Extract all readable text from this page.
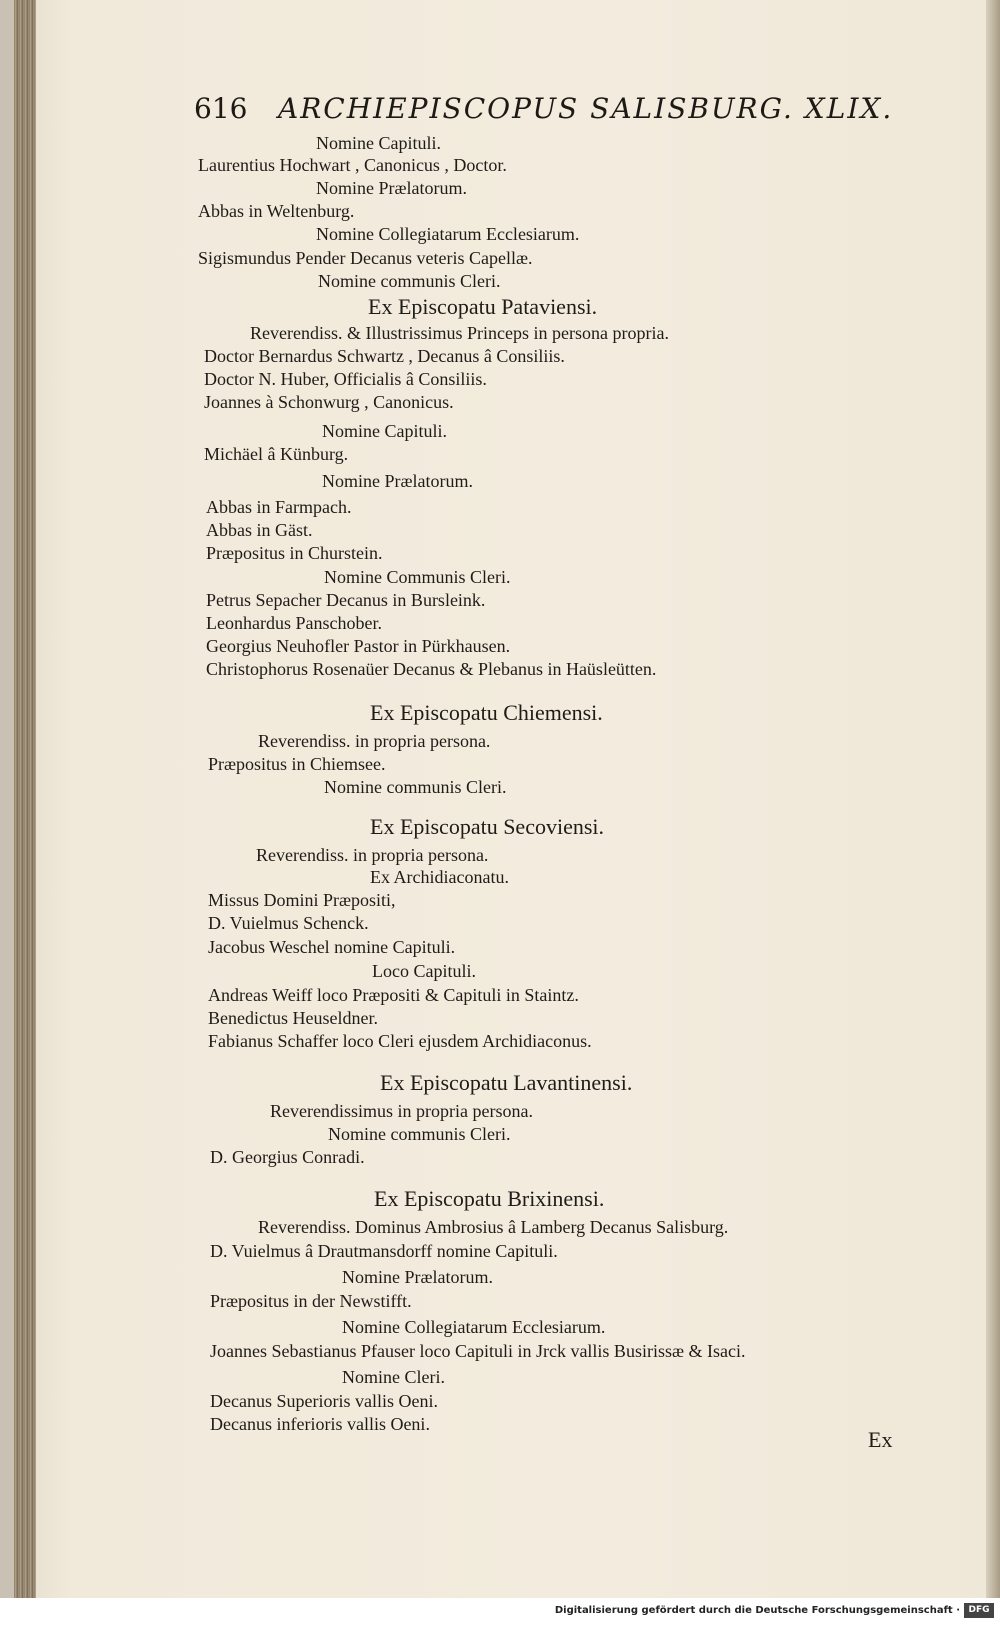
616 ARCHIEPISCOPUS SALISBURG. XLIX.
Nomine Capituli.
Laurentius Hochwart , Canonicus , Doctor.
Nomine Prælatorum.
Abbas in Weltenburg.
Nomine Collegiatarum Ecclesiarum.
Sigismundus Pender Decanus veteris Capellæ.
Nomine communis Cleri.
Ex Episcopatu Pataviensi.
Reverendiss. & Illustrissimus Princeps in persona propria.
Doctor Bernardus Schwartz , Decanus â Consiliis.
Doctor N. Huber, Officialis â Consiliis.
Joannes à Schonwurg , Canonicus.
Nomine Capituli.
Michäel â Künburg.
Nomine Prælatorum.
Abbas in Farmpach.
Abbas in Gäst.
Præpositus in Churstein.
Nomine Communis Cleri.
Petrus Sepacher Decanus in Bursleink.
Leonhardus Panschober.
Georgius Neuhofler Pastor in Pürkhausen.
Christophorus Rosenaüer Decanus & Plebanus in Haüsleütten.
Ex Episcopatu Chiemensi.
Reverendiss. in propria persona.
Præpositus in Chiemsee.
Nomine communis Cleri.
Ex Episcopatu Secoviensi.
Reverendiss. in propria persona.
Ex Archidiaconatu.
Missus Domini Præpositi,
D. Vuielmus Schenck.
Jacobus Weschel nomine Capituli.
Loco Capituli.
Andreas Weiff loco Præpositi & Capituli in Staintz.
Benedictus Heuseldner.
Fabianus Schaffer loco Cleri ejusdem Archidiaconus.
Ex Episcopatu Lavantinensi.
Reverendissimus in propria persona.
Nomine communis Cleri.
D. Georgius Conradi.
Ex Episcopatu Brixinensi.
Reverendiss. Dominus Ambrosius â Lamberg Decanus Salisburg.
D. Vuielmus â Drautmansdorff nomine Capituli.
Nomine Prælatorum.
Præpositus in der Newstifft.
Nomine Collegiatarum Ecclesiarum.
Joannes Sebastianus Pfauser loco Capituli in Jrck vallis Busirissæ & Isaci.
Nomine Cleri.
Decanus Superioris vallis Oeni.
Decanus inferioris vallis Oeni.
Ex
Digitalisierung gefördert durch die Deutsche Forschungsgemeinschaft · DFG
